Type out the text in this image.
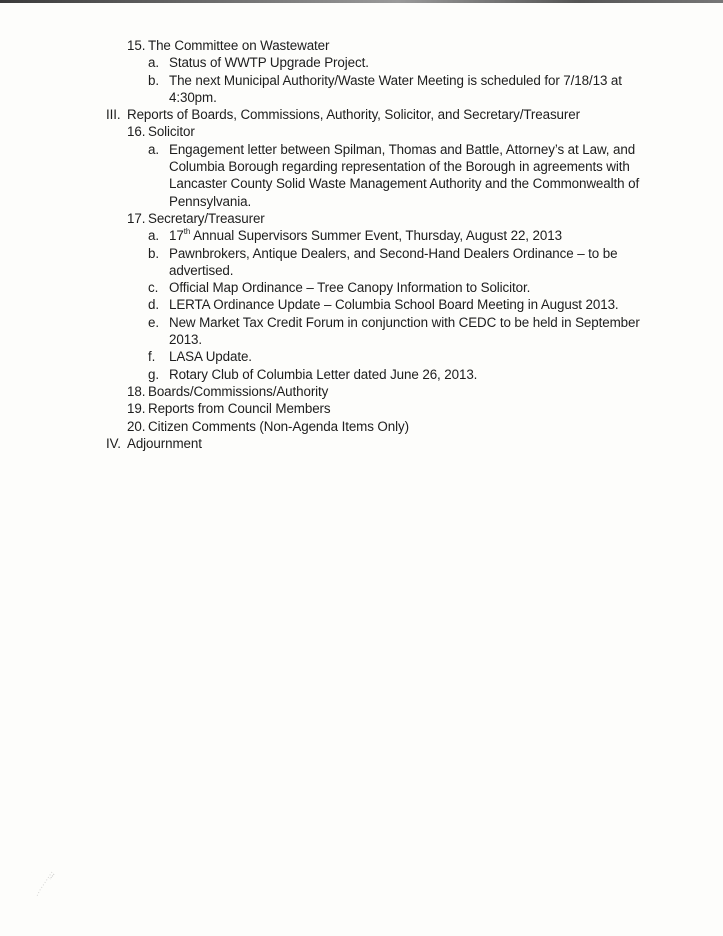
15. The Committee on Wastewater
a. Status of WWTP Upgrade Project.
b. The next Municipal Authority/Waste Water Meeting is scheduled for 7/18/13 at
4:30pm.
III. Reports of Boards, Commissions, Authority, Solicitor, and Secretary/Treasurer
16. Solicitor
a. Engagement letter between Spilman, Thomas and Battle, Attorney’s at Law, and
Columbia Borough regarding representation of the Borough in agreements with
Lancaster County Solid Waste Management Authority and the Commonwealth of
Pennsylvania.
17. Secretary/Treasurer
a. 17th Annual Supervisors Summer Event, Thursday, August 22, 2013
b. Pawnbrokers, Antique Dealers, and Second-Hand Dealers Ordinance – to be
advertised.
c. Official Map Ordinance – Tree Canopy Information to Solicitor.
d. LERTA Ordinance Update – Columbia School Board Meeting in August 2013.
e. New Market Tax Credit Forum in conjunction with CEDC to be held in September
2013.
f. LASA Update.
g. Rotary Club of Columbia Letter dated June 26, 2013.
18. Boards/Commissions/Authority
19. Reports from Council Members
20. Citizen Comments (Non-Agenda Items Only)
IV. Adjournment
